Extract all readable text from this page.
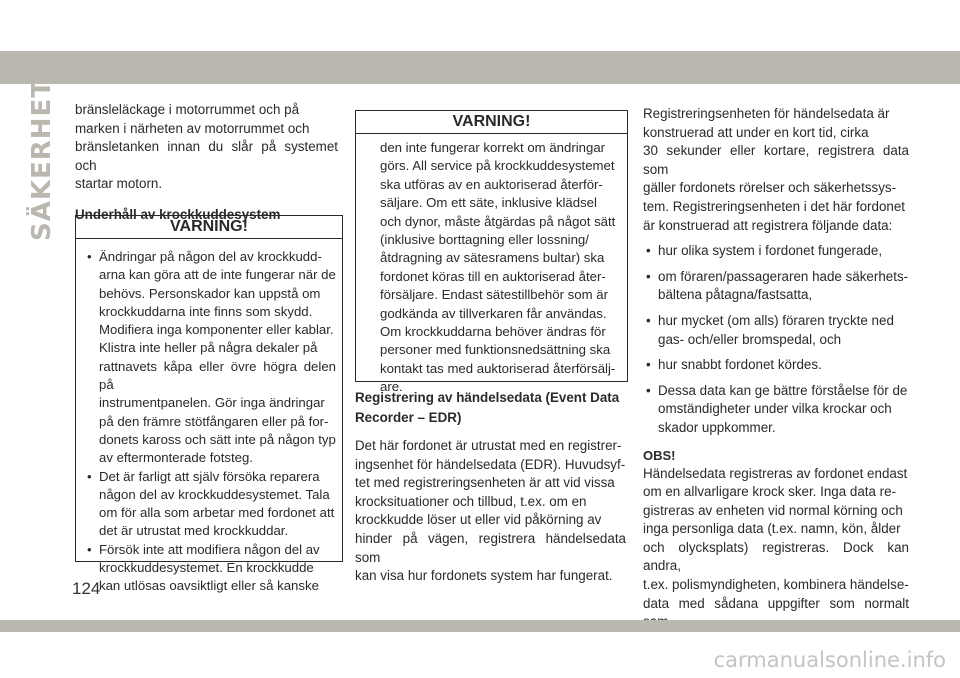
SÄKERHET bränsleläckage i motorrummet och på
marken i närheten av motorrummet och
bränsletanken innan du slår på systemet och
startar motorn.
Underhåll av krockkuddesystem
VARNING!
• Ändringar på någon del av krockkudd-
arna kan göra att de inte fungerar när de
behövs. Personskador kan uppstå om
krockkuddarna inte finns som skydd.
Modifiera inga komponenter eller kablar.
Klistra inte heller på några dekaler på
rattnavets kåpa eller övre högra delen på
instrumentpanelen. Gör inga ändringar
på den främre stötfångaren eller på for-
donets kaross och sätt inte på någon typ
av eftermonterade fotsteg.
• Det är farligt att själv försöka reparera
någon del av krockkuddesystemet. Tala
om för alla som arbetar med fordonet att
det är utrustat med krockkuddar.
• Försök inte att modifiera någon del av
krockkuddesystemet. En krockkudde
kan utlösas oavsiktligt eller så kanske
VARNING!
den inte fungerar korrekt om ändringar
görs. All service på krockkuddesystemet
ska utföras av en auktoriserad återför-
säljare. Om ett säte, inklusive klädsel
och dynor, måste åtgärdas på något sätt
(inklusive borttagning eller lossning/
åtdragning av sätesramens bultar) ska
fordonet köras till en auktoriserad åter-
försäljare. Endast sätestillbehör som är
godkända av tillverkaren får användas.
Om krockkuddarna behöver ändras för
personer med funktionsnedsättning ska
kontakt tas med auktoriserad återförsälj-
are.
Registrering av händelsedata (Event Data
Recorder – EDR)
Det här fordonet är utrustat med en registrer-
ingsenhet för händelsedata (EDR). Huvudsyf-
tet med registreringsenheten är att vid vissa
krocksituationer och tillbud, t.ex. om en
krockkudde löser ut eller vid påkörning av
hinder på vägen, registrera händelsedata som
kan visa hur fordonets system har fungerat.
Registreringsenheten för händelsedata är
konstruerad att under en kort tid, cirka
30 sekunder eller kortare, registrera data som
gäller fordonets rörelser och säkerhetssys-
tem. Registreringsenheten i det här fordonet
är konstruerad att registrera följande data:
• hur olika system i fordonet fungerade,
• om föraren/passageraren hade säkerhets-
bältena påtagna/fastsatta,
• hur mycket (om alls) föraren tryckte ned
gas- och/eller bromspedal, och
• hur snabbt fordonet kördes.
• Dessa data kan ge bättre förståelse för de
omständigheter under vilka krockar och
skador uppkommer.
OBS!
Händelsedata registreras av fordonet endast
om en allvarligare krock sker. Inga data re-
gistreras av enheten vid normal körning och
inga personliga data (t.ex. namn, kön, ålder
och olycksplats) registreras. Dock kan andra,
t.ex. polismyndigheten, kombinera händelse-
data med sådana uppgifter som normalt
124
carmanualsonline.info
